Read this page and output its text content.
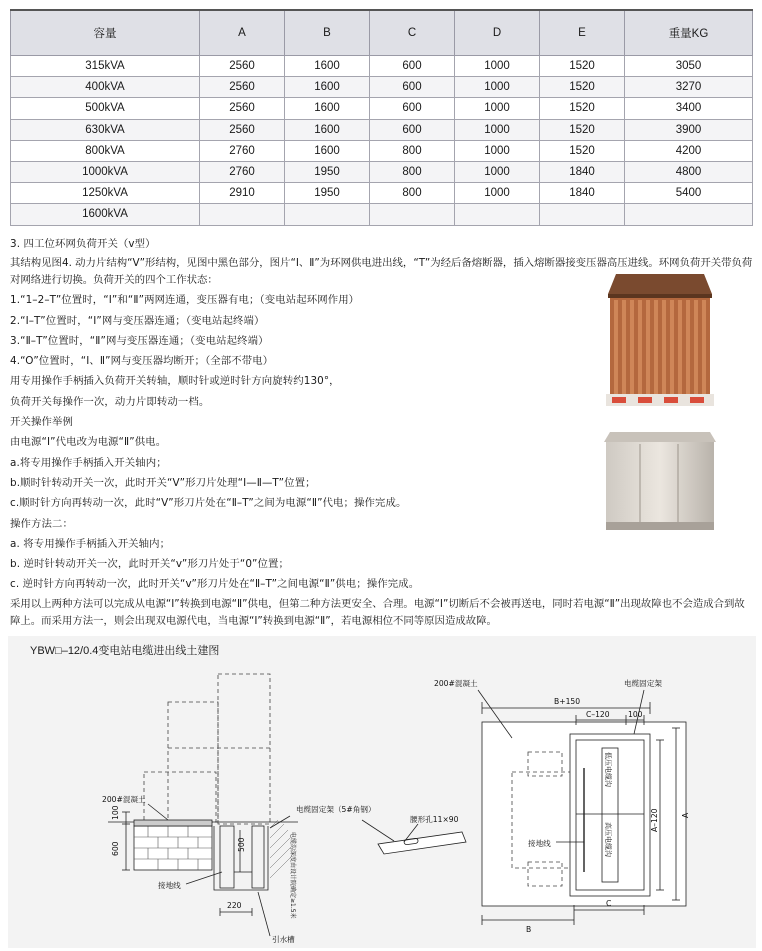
容量	A	B	C	D	E	重量KG
315kVA	2560	1600	600	1000	1520	3050
400kVA	2560	1600	600	1000	1520	3270
500kVA	2560	1600	600	1000	1520	3400
630kVA	2560	1600	600	1000	1520	3900
800kVA	2760	1600	800	1000	1520	4200
1000kVA	2760	1950	800	1000	1840	4800
1250kVA	2910	1950	800	1000	1840	5400
1600kVA						
3. 四工位环网负荷开关（v型）
其结构见图4. 动力片结构“V”形结构，见图中黑色部分，图片“Ⅰ、Ⅱ”为环网供电进出线，“T”为经后备熔断器，插入熔断器接变压器高压进线。环网负荷开关带负荷对网络进行切换。负荷开关的四个工作状态：
1.“1–2–T”位置时，“Ⅰ”和“Ⅱ”两网连通，变压器有电；（变电站起环网作用）
2.“Ⅰ–T”位置时，“Ⅰ”网与变压器连通；（变电站起终端）
3.“Ⅱ–T”位置时，“Ⅱ”网与变压器连通；（变电站起终端）
4.“O”位置时，“Ⅰ、Ⅱ”网与变压器均断开；（全部不带电）
用专用操作手柄插入负荷开关转轴，顺时针或逆时针方向旋转约130°，
负荷开关每操作一次，动力片即转动一档。
开关操作举例
由电源“Ⅰ”代电改为电源“Ⅱ”供电。
a.将专用操作手柄插入开关轴内；
b.顺时针转动开关一次，此时开关“V”形刀片处理“Ⅰ—Ⅱ—T”位置；
c.顺时针方向再转动一次，此时“V”形刀片处在“Ⅱ–T”之间为电源“Ⅱ”代电；操作完成。
操作方法二：
a. 将专用操作手柄插入开关轴内；
b. 逆时针转动开关一次，此时开关“v”形刀片处于“0”位置；
c. 逆时针方向再转动一次，此时开关“v”形刀片处在“Ⅱ–T”之间电源“Ⅱ”供电；操作完成。
采用以上两种方法可以完成从电源“Ⅰ”转换到电源“Ⅱ”供电，但第二种方法更安全、合理。电源“Ⅰ”切断后不会被再送电，同时若电源“Ⅱ”出现故障也不会造成合到故障上。而采用方法一，则会出现双电源代电，当电源“Ⅰ”转换到电源“Ⅱ”，若电源相位不同等原因造成故障。
YBW□–12/0.4变电站电缆进出线土建图
200#混凝土
100
600	500
220
电缆固定架（5#角钢）
腰形孔11×90
接地线
引水槽
电缆沟深度由设计院确定≥1.5米
200#混凝土	电缆固定架
B+150
C–120 100
A–120	A
B
C
接地线
低压电缆沟
高压电缆沟
